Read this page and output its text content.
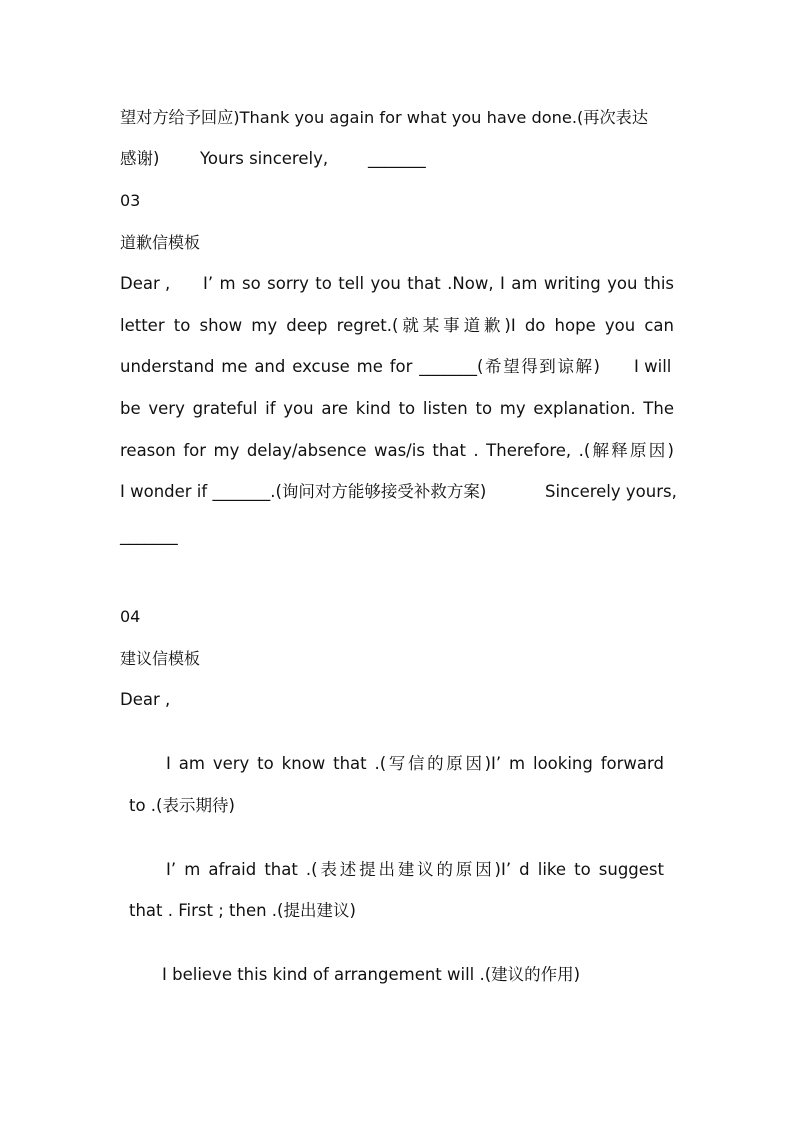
望对方给予回应)Thank you again for what you have done.(再次表达
感谢) Yours sincerely, _______
03
道歉信模板
Dear , I’ m so sorry to tell you that .Now, I am writing you this
letter to show my deep regret.(就某事道歉)I do hope you can
understand me and excuse me for _______(希望得到谅解) I will
be very grateful if you are kind to listen to my explanation. The
reason for my delay/absence was/is that . Therefore, .(解释原因)
I wonder if _______.(询问对方能够接受补救方案)	Sincerely yours,
_______
04
建议信模板
Dear ,
I am very to know that .(写信的原因)I’ m looking forward
to .(表示期待)
I’ m afraid that .(表述提出建议的原因)I’ d like to suggest
that . First ; then .(提出建议)
I believe this kind of arrangement will .(建议的作用)
